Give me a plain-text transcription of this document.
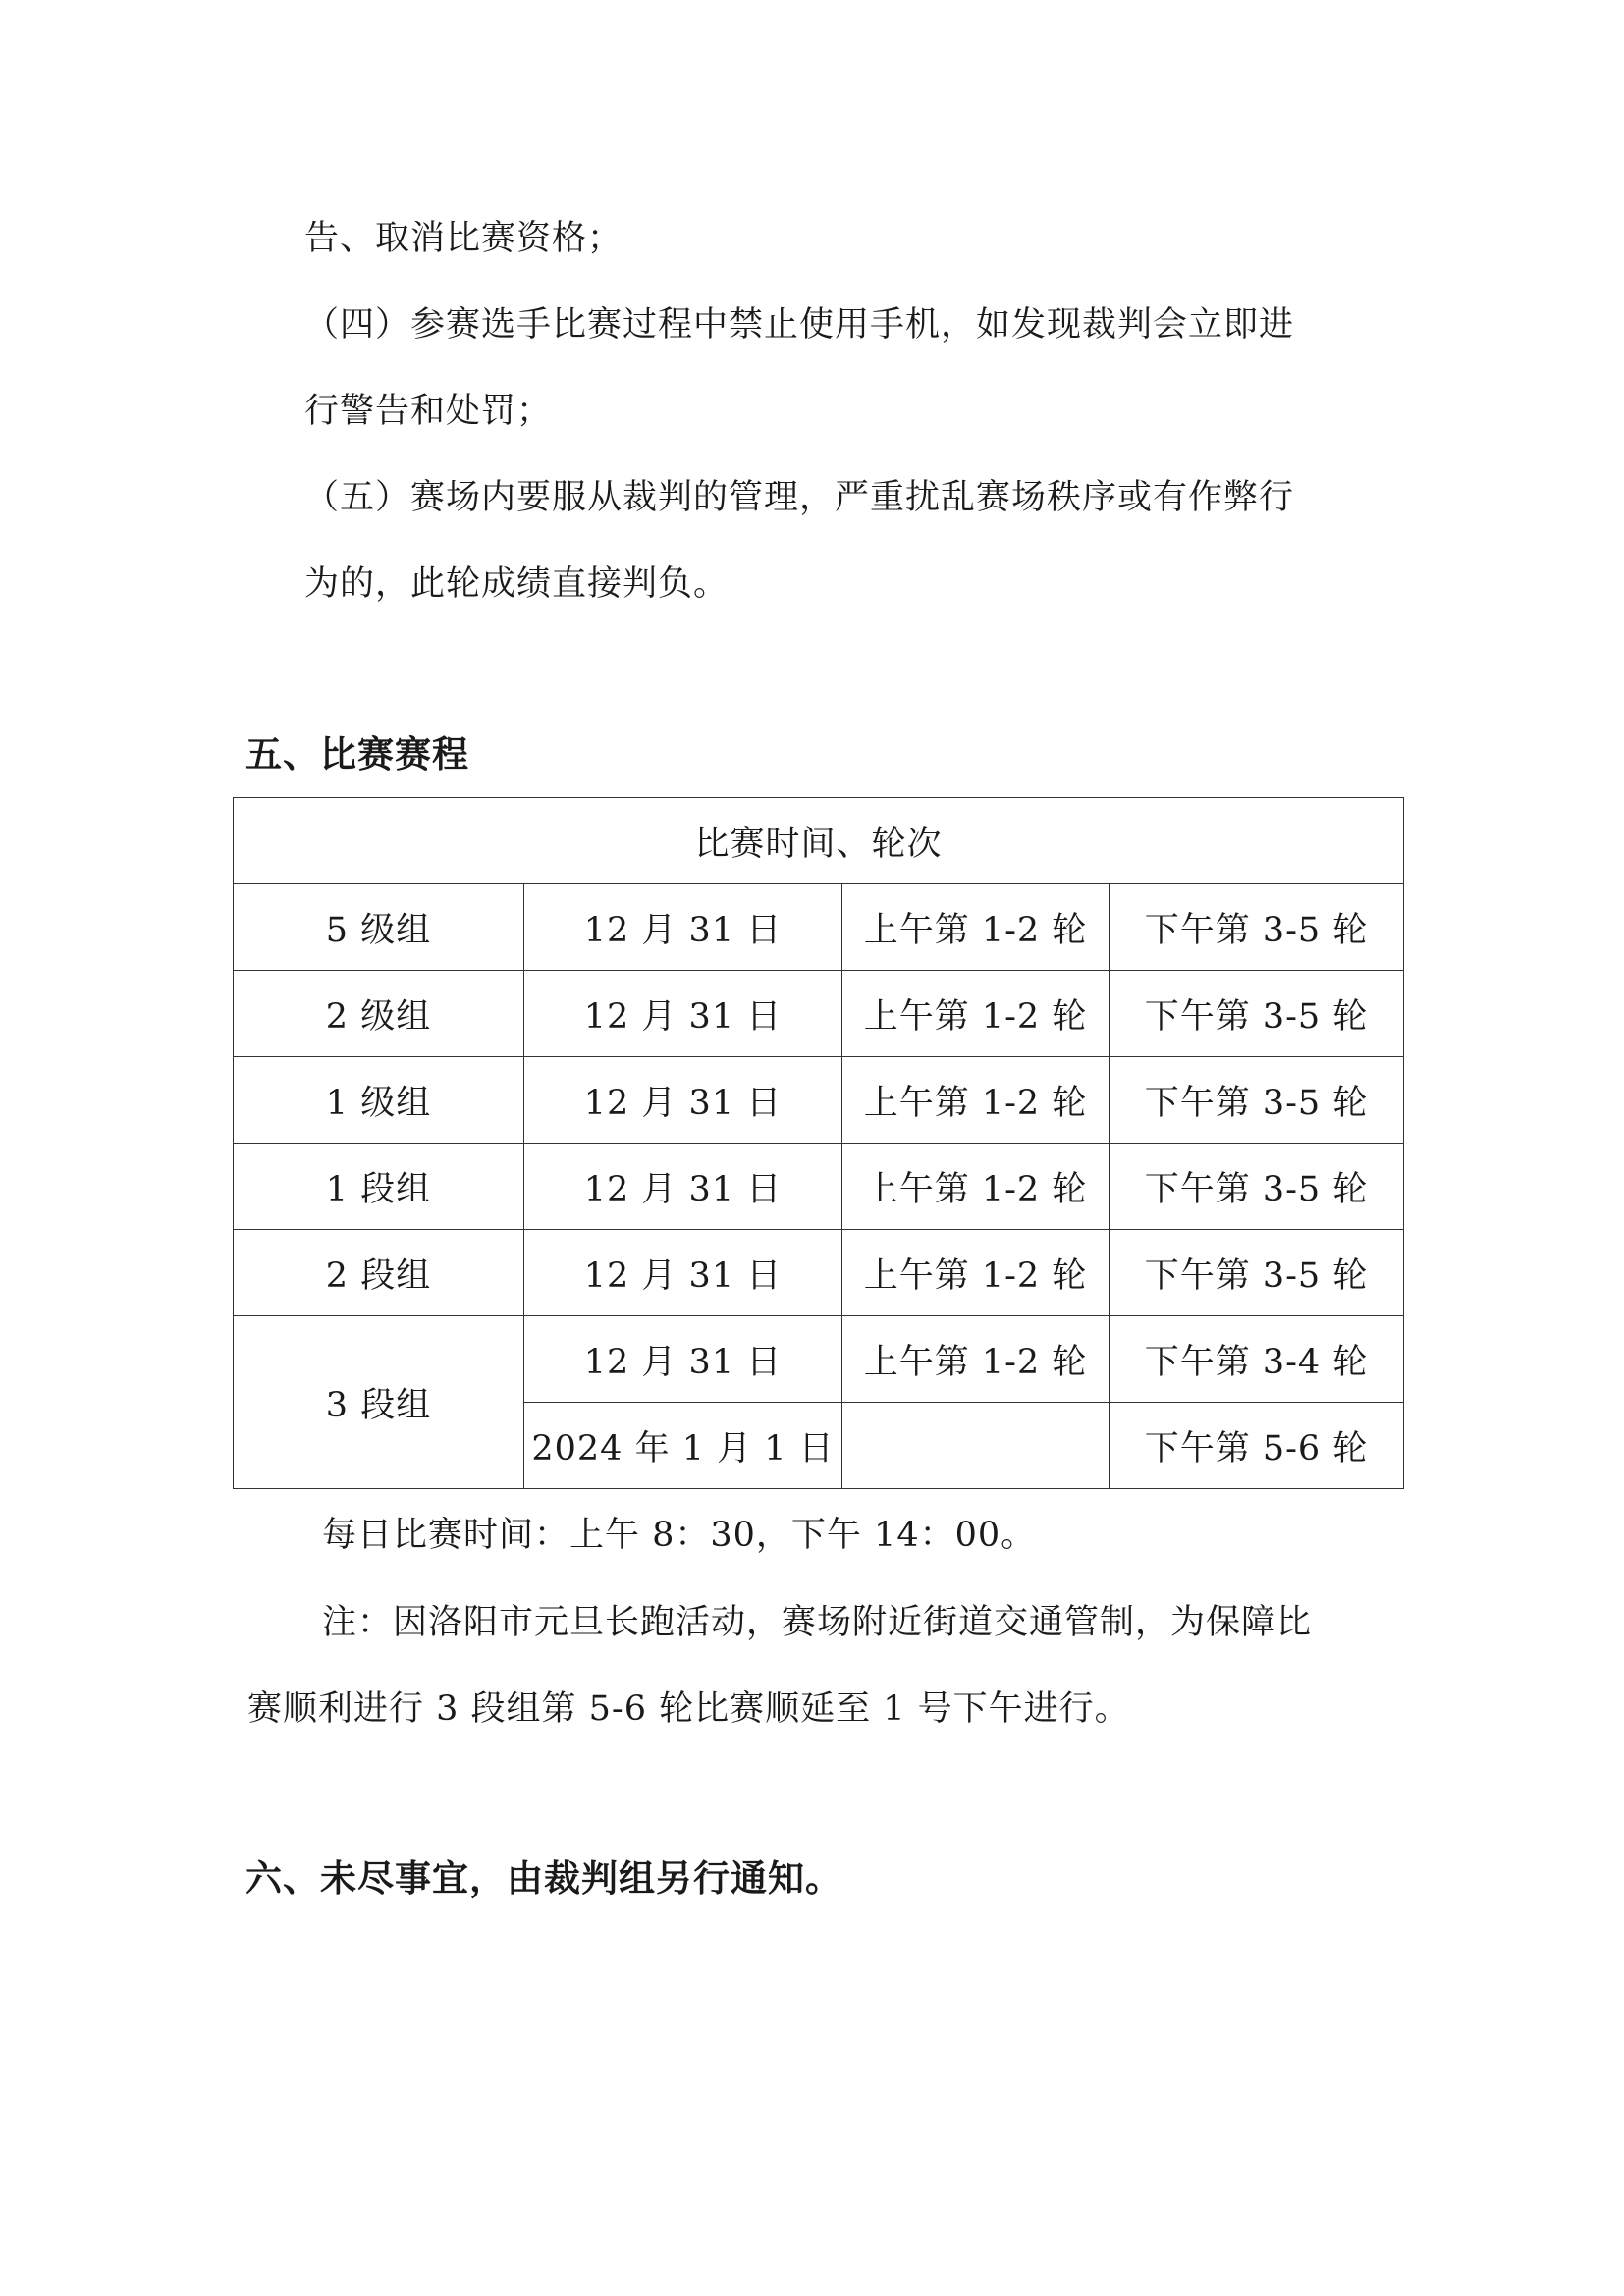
告、取消比赛资格；
（四）参赛选手比赛过程中禁止使用手机，如发现裁判会立即进
行警告和处罚；
（五）赛场内要服从裁判的管理，严重扰乱赛场秩序或有作弊行
为的，此轮成绩直接判负。
五、比赛赛程
比赛时间、轮次			
5 级组	12 月 31 日	上午第 1-2 轮	下午第 3-5 轮
2 级组	12 月 31 日	上午第 1-2 轮	下午第 3-5 轮
1 级组	12 月 31 日	上午第 1-2 轮	下午第 3-5 轮
1 段组	12 月 31 日	上午第 1-2 轮	下午第 3-5 轮
2 段组	12 月 31 日	上午第 1-2 轮	下午第 3-5 轮
3 段组	12 月 31 日	上午第 1-2 轮	下午第 3-4 轮
	2024 年 1 月 1 日		下午第 5-6 轮
每日比赛时间：上午 8：30，下午 14：00。
注：因洛阳市元旦长跑活动，赛场附近街道交通管制，为保障比
赛顺利进行 3 段组第 5-6 轮比赛顺延至 1 号下午进行。
六、未尽事宜，由裁判组另行通知。
